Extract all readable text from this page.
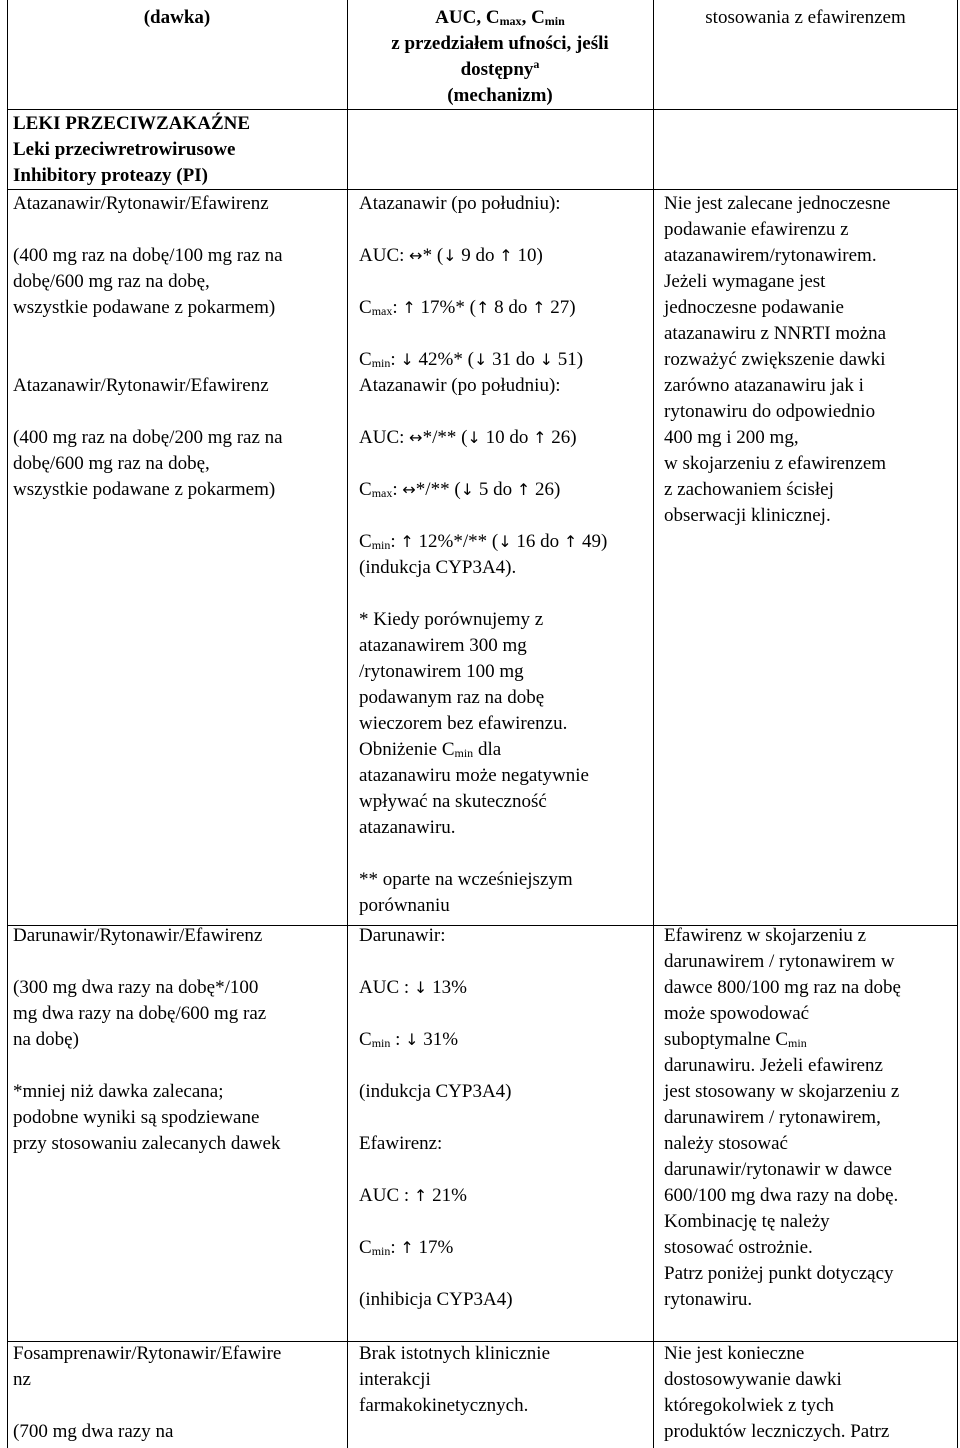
(dawka)	AUC, $C_{max}$, $C_{min}$
z przedziałem ufności, jeśli
dostępny$^a$
(mechanizm)
stosowania z efawirenzem
LEKI PRZECIWZAKAŹNE
Leki przeciwretrowirusowe
Inhibitory proteazy (PI)
Atazanawir/Rytonawir/Efawirenz
(400 mg raz na dobę/100 mg raz na
dobę/600 mg raz na dobę,
wszystkie podawane z pokarmem)
Atazanawir/Rytonawir/Efawirenz
(400 mg raz na dobę/200 mg raz na
dobę/600 mg raz na dobę,
wszystkie podawane z pokarmem)
Atazanawir (po południu):
AUC: ↔* (↓ 9 do ↑ 10)
$C_{max}$: ↑ 17%* (↑ 8 do ↑ 27)
$C_{min}$: ↓ 42%* (↓ 31 do ↓ 51)
Atazanawir (po południu):
AUC: ↔*/** (↓ 10 do ↑ 26)
$C_{max}$: ↔*/** (↓ 5 do ↑ 26)
$C_{min}$: ↑ 12%*/** (↓ 16 do ↑ 49)
(indukcja CYP3A4).
* Kiedy porównujemy z
atazanawirem 300 mg
/rytonawirem 100 mg
podawanym raz na dobę
wieczorem bez efawirenzu.
Obniżenie $C_{min}$ dla
atazanawiru może negatywnie
wpływać na skuteczność
atazanawiru.
** oparte na wcześniejszym
porównaniu
Nie jest zalecane jednoczesne
podawanie efawirenzu z
atazanawirem/rytonawirem.
Jeżeli wymagane jest
jednoczesne podawanie
atazanawiru z NNRTI można
rozważyć zwiększenie dawki
zarówno atazanawiru jak i
rytonawiru do odpowiednio
400 mg i 200 mg,
w skojarzeniu z efawirenzem
z zachowaniem ścisłej
obserwacji klinicznej.
Darunawir/Rytonawir/Efawirenz
(300 mg dwa razy na dobę*/100
mg dwa razy na dobę/600 mg raz
na dobę)
*mniej niż dawka zalecana;
podobne wyniki są spodziewane
przy stosowaniu zalecanych dawek
Darunawir:
AUC : ↓ 13%
$C_{min}$ : ↓ 31%
(indukcja CYP3A4)
Efawirenz:
AUC : ↑ 21%
$C_{min}$: ↑ 17%
(inhibicja CYP3A4)
Efawirenz w skojarzeniu z
darunawirem / rytonawirem w
dawce 800/100 mg raz na dobę
może spowodować
suboptymalne $C_{min}$
darunawiru. Jeżeli efawirenz
jest stosowany w skojarzeniu z
darunawirem / rytonawirem,
należy stosować
darunawir/rytonawir w dawce
600/100 mg dwa razy na dobę.
Kombinację tę należy
stosować ostrożnie.
Patrz poniżej punkt dotyczący
rytonawiru.
Fosamprenawir/Rytonawir/Efawire
nz
(700 mg dwa razy na
Brak istotnych klinicznie
interakcji
farmakokinetycznych.
Nie jest konieczne
dostosowywanie dawki
któregokolwiek z tych
produktów leczniczych. Patrz
